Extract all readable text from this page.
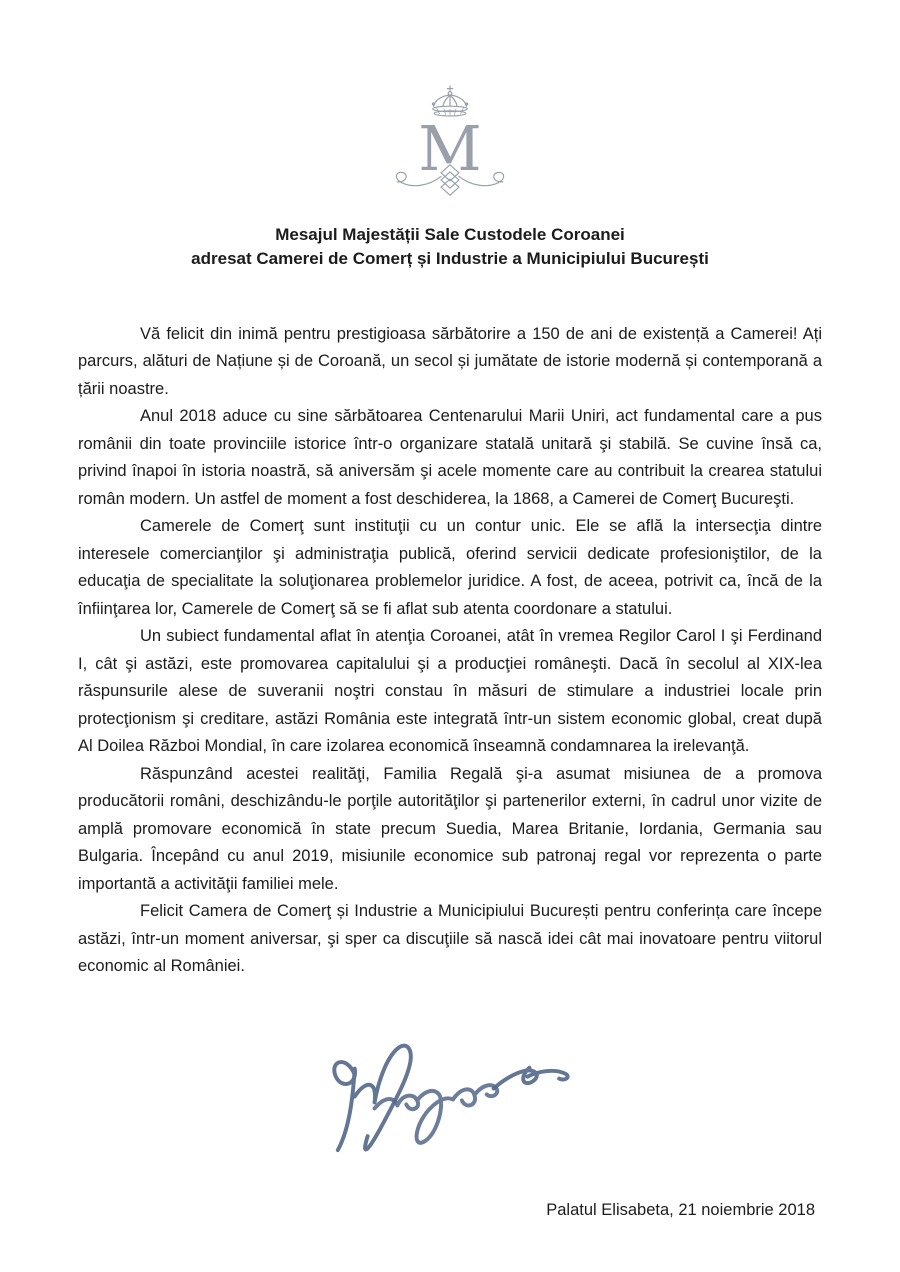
M
Mesajul Majestății Sale Custodele Coroanei
adresat Camerei de Comerț și Industrie a Municipiului București

Vă felicit din inimă pentru prestigioasa sărbătorire a 150 de ani de existență a Camerei! Ați parcurs, alături de Națiune și de Coroană, un secol și jumătate de istorie modernă și contemporană a țării noastre.

Anul 2018 aduce cu sine sărbătoarea Centenarului Marii Uniri, act fundamental care a pus românii din toate provinciile istorice într-o organizare statală unitară şi stabilă. Se cuvine însă ca, privind înapoi în istoria noastră, să aniversăm şi acele momente care au contribuit la crearea statului român modern. Un astfel de moment a fost deschiderea, la 1868, a Camerei de Comerţ Bucureşti.

Camerele de Comerţ sunt instituţii cu un contur unic. Ele se află la intersecţia dintre interesele comercianţilor şi administraţia publică, oferind servicii dedicate profesioniştilor, de la educaţia de specialitate la soluţionarea problemelor juridice. A fost, de aceea, potrivit ca, încă de la înfiinţarea lor, Camerele de Comerţ să se fi aflat sub atenta coordonare a statului.

Un subiect fundamental aflat în atenţia Coroanei, atât în vremea Regilor Carol I şi Ferdinand I, cât şi astăzi, este promovarea capitalului şi a producţiei româneşti. Dacă în secolul al XIX-lea răspunsurile alese de suveranii noştri constau în măsuri de stimulare a industriei locale prin protecţionism şi creditare, astăzi România este integrată într-un sistem economic global, creat după Al Doilea Război Mondial, în care izolarea economică înseamnă condamnarea la irelevanţă.

Răspunzând acestei realităţi, Familia Regală şi-a asumat misiunea de a promova producătorii români, deschizându-le porţile autorităţilor şi partenerilor externi, în cadrul unor vizite de amplă promovare economică în state precum Suedia, Marea Britanie, Iordania, Germania sau Bulgaria. Începând cu anul 2019, misiunile economice sub patronaj regal vor reprezenta o parte importantă a activităţii familiei mele.

Felicit Camera de Comerţ și Industrie a Municipiului București pentru conferința care începe astăzi, într-un moment aniversar, şi sper ca discuţiile să nască idei cât mai inovatoare pentru viitorul economic al României.

Palatul Elisabeta, 21 noiembrie 2018
